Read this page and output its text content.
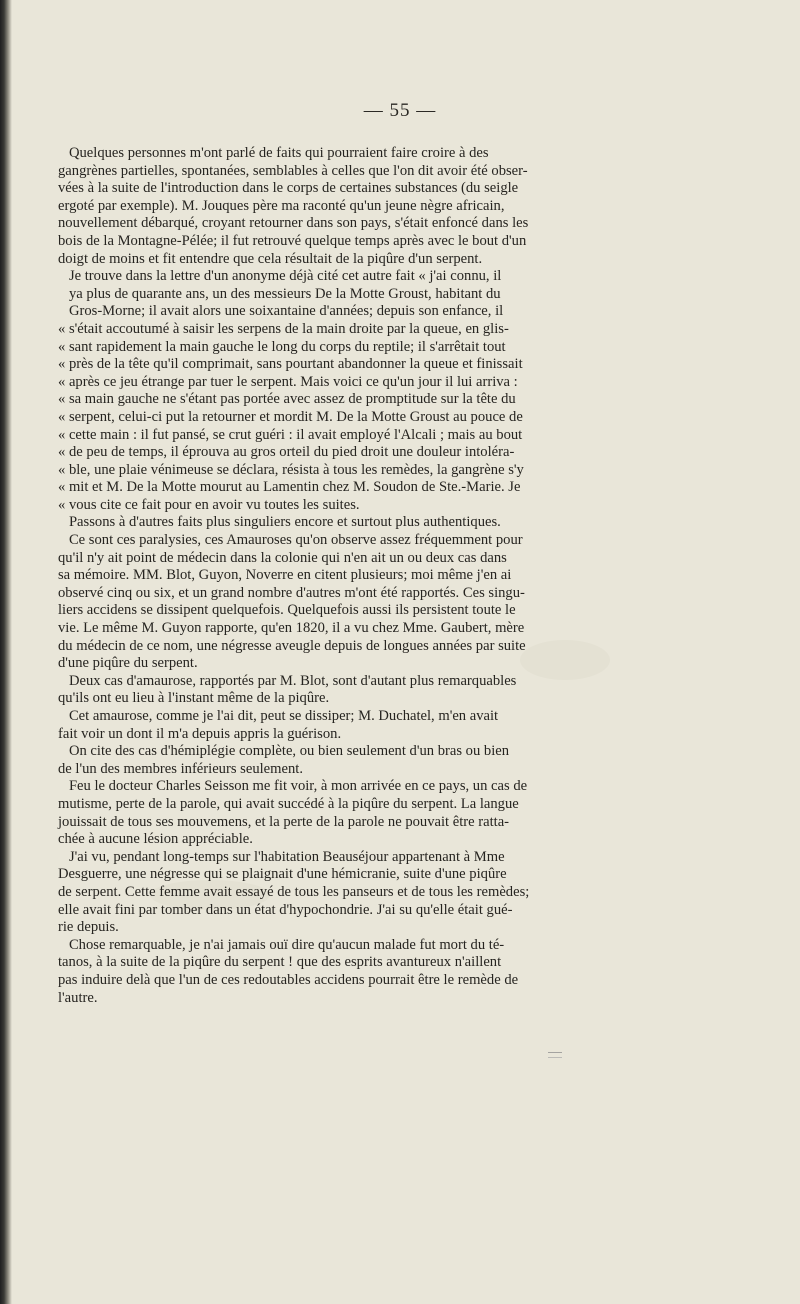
— 55 —
Quelques personnes m'ont parlé de faits qui pourraient faire croire à des
gangrènes partielles, spontanées, semblables à celles que l'on dit avoir été obser-
vées à la suite de l'introduction dans le corps de certaines substances (du seigle
ergoté par exemple). M. Jouques père ma raconté qu'un jeune nègre africain,
nouvellement débarqué, croyant retourner dans son pays, s'était enfoncé dans les
bois de la Montagne-Pélée; il fut retrouvé quelque temps après avec le bout d'un
doigt de moins et fit entendre que cela résultait de la piqûre d'un serpent.
Je trouve dans la lettre d'un anonyme déjà cité cet autre fait « j'ai connu, il
ya plus de quarante ans, un des messieurs De la Motte Groust, habitant du
Gros-Morne; il avait alors une soixantaine d'années; depuis son enfance, il
« s'était accoutumé à saisir les serpens de la main droite par la queue, en glis-
« sant rapidement la main gauche le long du corps du reptile; il s'arrêtait tout
« près de la tête qu'il comprimait, sans pourtant abandonner la queue et finissait
« après ce jeu étrange par tuer le serpent. Mais voici ce qu'un jour il lui arriva :
« sa main gauche ne s'étant pas portée avec assez de promptitude sur la tête du
« serpent, celui-ci put la retourner et mordit M. De la Motte Groust au pouce de
« cette main : il fut pansé, se crut guéri : il avait employé l'Alcali ; mais au bout
« de peu de temps, il éprouva au gros orteil du pied droit une douleur intoléra-
« ble, une plaie vénimeuse se déclara, résista à tous les remèdes, la gangrène s'y
« mit et M. De la Motte mourut au Lamentin chez M. Soudon de Ste.-Marie. Je
« vous cite ce fait pour en avoir vu toutes les suites.
Passons à d'autres faits plus singuliers encore et surtout plus authentiques.
Ce sont ces paralysies, ces Amauroses qu'on observe assez fréquemment pour
qu'il n'y ait point de médecin dans la colonie qui n'en ait un ou deux cas dans
sa mémoire. MM. Blot, Guyon, Noverre en citent plusieurs; moi même j'en ai
observé cinq ou six, et un grand nombre d'autres m'ont été rapportés. Ces singu-
liers accidens se dissipent quelquefois. Quelquefois aussi ils persistent toute le
vie. Le même M. Guyon rapporte, qu'en 1820, il a vu chez Mme. Gaubert, mère
du médecin de ce nom, une négresse aveugle depuis de longues années par suite
d'une piqûre du serpent.
Deux cas d'amaurose, rapportés par M. Blot, sont d'autant plus remarquables
qu'ils ont eu lieu à l'instant même de la piqûre.
Cet amaurose, comme je l'ai dit, peut se dissiper; M. Duchatel, m'en avait
fait voir un dont il m'a depuis appris la guérison.
On cite des cas d'hémiplégie complète, ou bien seulement d'un bras ou bien
de l'un des membres inférieurs seulement.
Feu le docteur Charles Seisson me fit voir, à mon arrivée en ce pays, un cas de
mutisme, perte de la parole, qui avait succédé à la piqûre du serpent. La langue
jouissait de tous ses mouvemens, et la perte de la parole ne pouvait être ratta-
chée à aucune lésion appréciable.
J'ai vu, pendant long-temps sur l'habitation Beauséjour appartenant à Mme
Desguerre, une négresse qui se plaignait d'une hémicranie, suite d'une piqûre
de serpent. Cette femme avait essayé de tous les panseurs et de tous les remèdes;
elle avait fini par tomber dans un état d'hypochondrie. J'ai su qu'elle était gué-
rie depuis.
Chose remarquable, je n'ai jamais ouï dire qu'aucun malade fut mort du té-
tanos, à la suite de la piqûre du serpent ! que des esprits avantureux n'aillent
pas induire delà que l'un de ces redoutables accidens pourrait être le remède de
l'autre.
